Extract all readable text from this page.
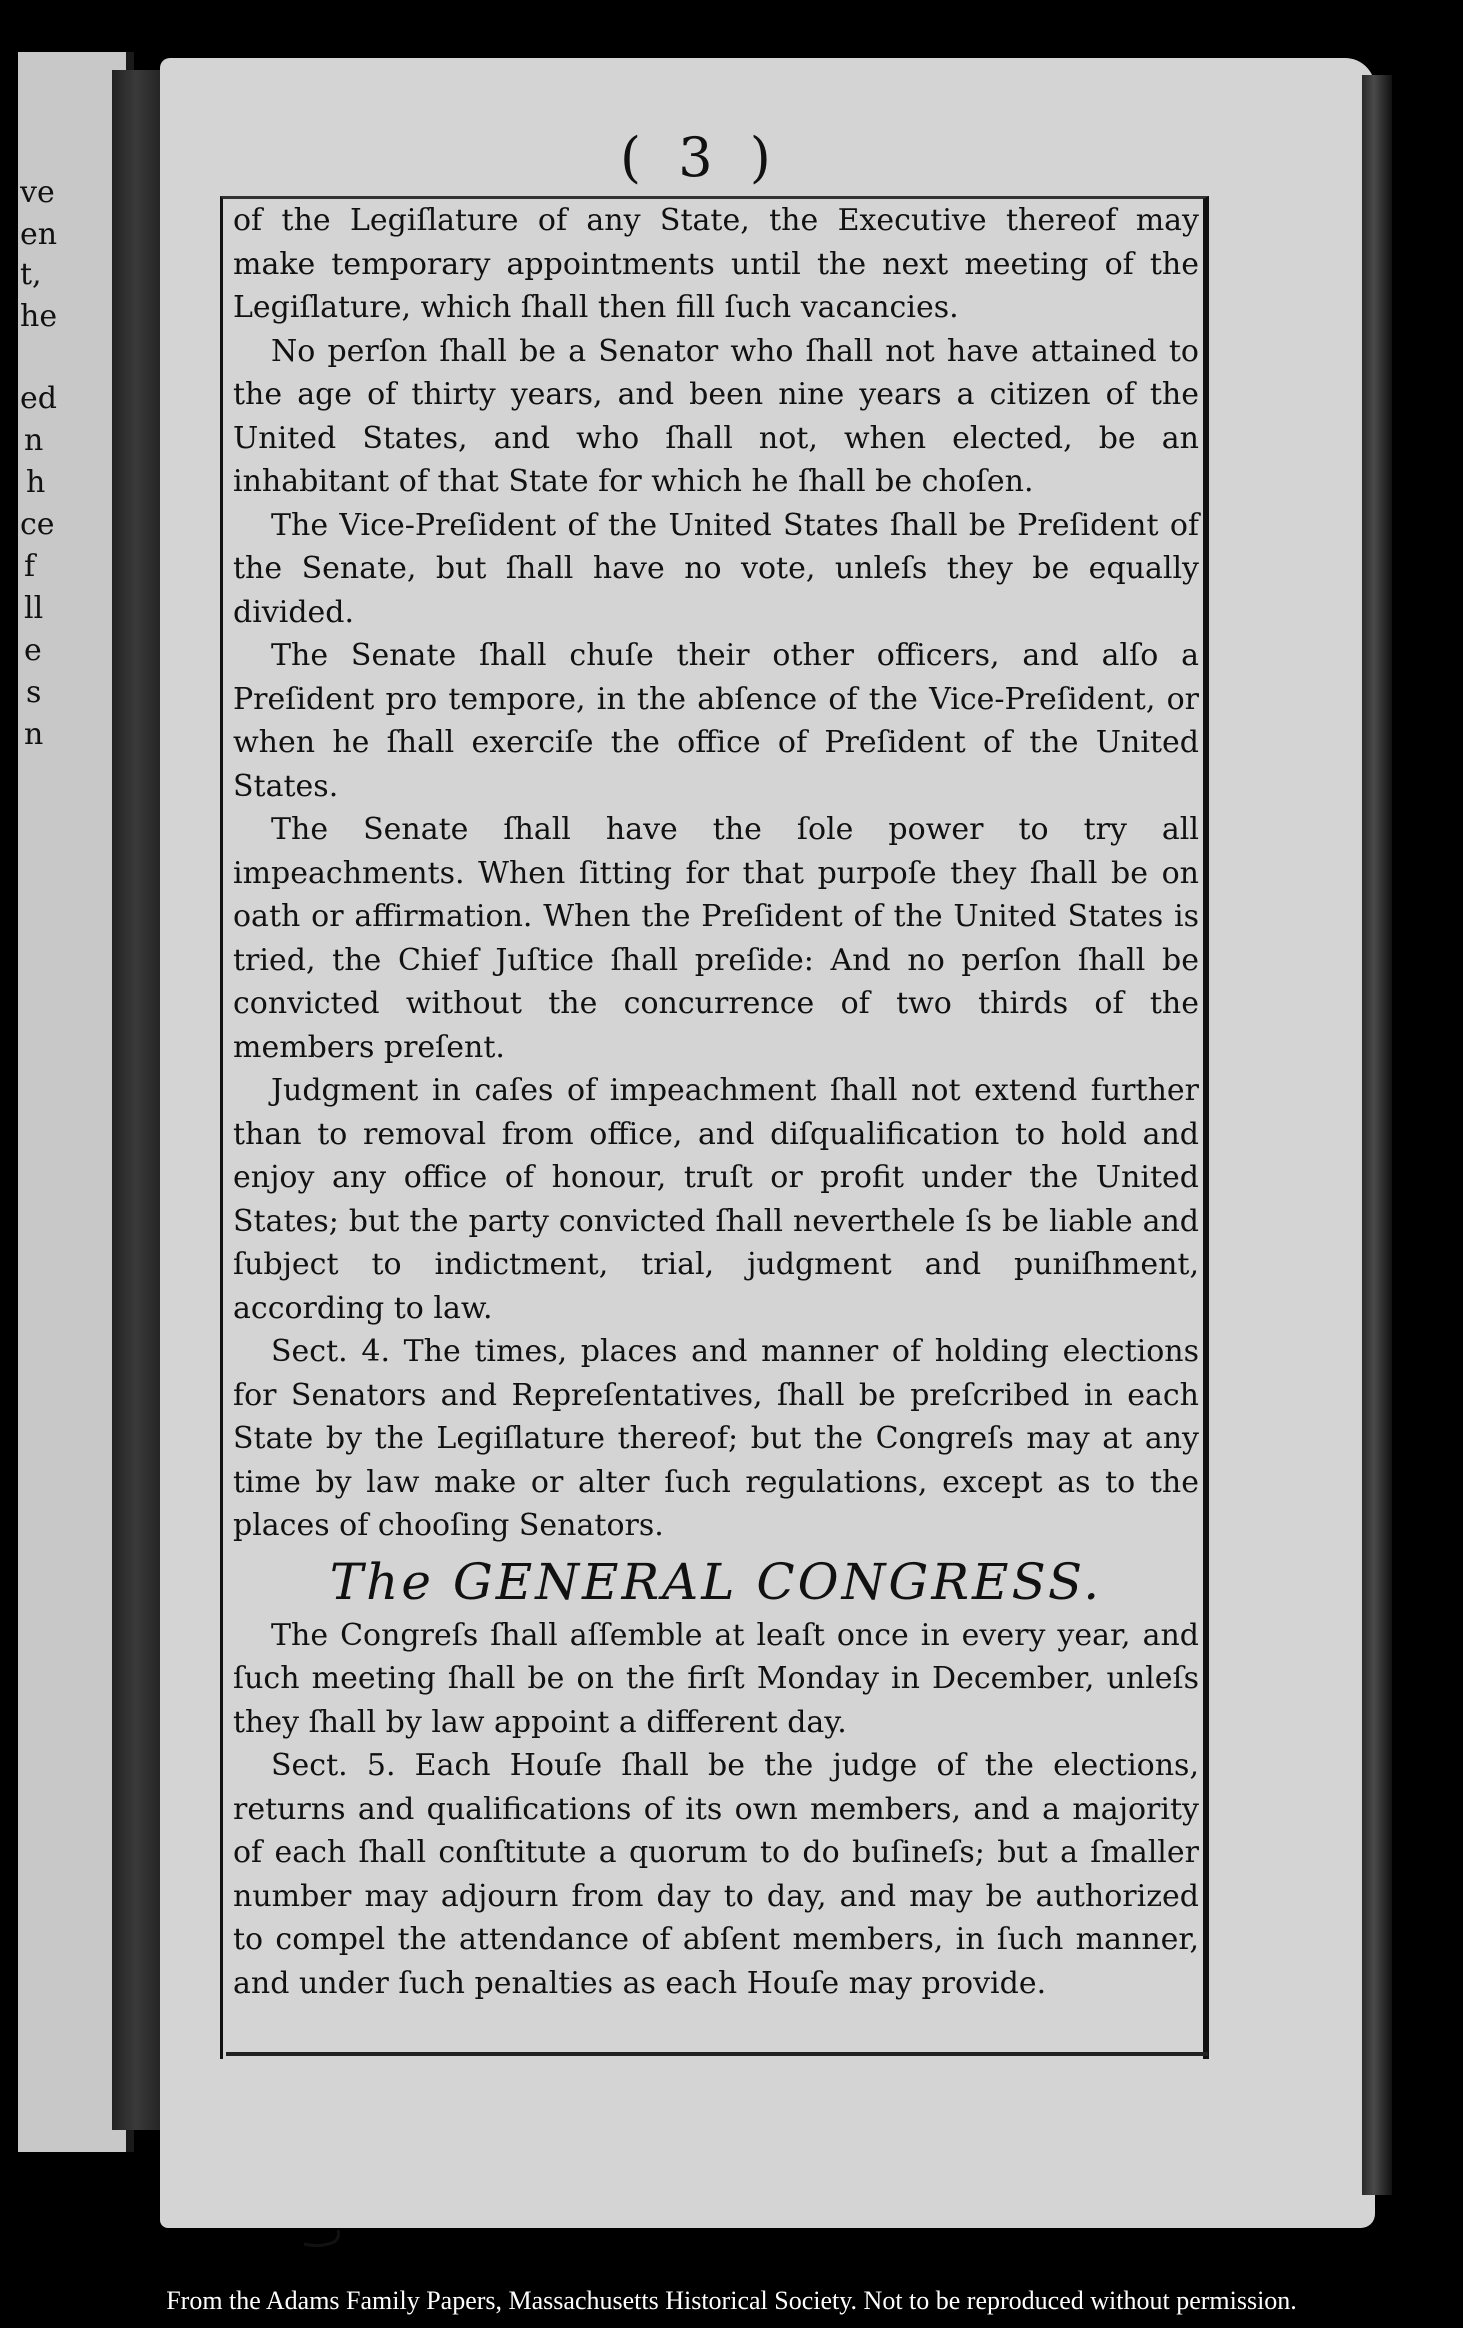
ve
en
t,
he
ed
n
h
ce
f
ll
e
s
n
( 3 )

of the Legiſlature of any State, the Executive thereof may make temporary appointments until the next meeting of the Legiſlature, which ſhall then fill ſuch vacancies.

No perſon ſhall be a Senator who ſhall not have attained to the age of thirty years, and been nine years a citizen of the United States, and who ſhall not, when elected, be an inhabitant of that State for which he ſhall be choſen.

The Vice-Preſident of the United States ſhall be Preſident of the Senate, but ſhall have no vote, unleſs they be equally divided.

The Senate ſhall chuſe their other officers, and alſo a Preſident pro tempore, in the abſence of the Vice-Preſident, or when he ſhall exerciſe the office of Preſident of the United States.

The Senate ſhall have the ſole power to try all impeachments. When ſitting for that purpoſe they ſhall be on oath or affirmation. When the Preſident of the United States is tried, the Chief Juſtice ſhall preſide: And no perſon ſhall be convicted without the concurrence of two thirds of the members preſent.

Judgment in caſes of impeachment ſhall not extend further than to removal from office, and diſqualification to hold and enjoy any office of honour, truſt or profit under the United States; but the party convicted ſhall neverthele ſs be liable and ſubject to indictment, trial, judgment and puniſhment, according to law.

Sect. 4. The times, places and manner of holding elections for Senators and Repreſentatives, ſhall be preſcribed in each State by the Legiſlature thereof; but the Congreſs may at any time by law make or alter ſuch regulations, except as to the places of chooſing Senators.

The GENERAL CONGRESS.

The Congreſs ſhall aſſemble at leaſt once in every year, and ſuch meeting ſhall be on the firſt Monday in December, unleſs they ſhall by law appoint a different day.

Sect. 5. Each Houſe ſhall be the judge of the elections, returns and qualifications of its own members, and a majority of each ſhall conſtitute a quorum to do buſineſs; but a ſmaller number may adjourn from day to day, and may be authorized to compel the attendance of abſent members, in ſuch manner, and under ſuch penalties as each Houſe may provide.

From the Adams Family Papers, Massachusetts Historical Society. Not to be reproduced without permission.
